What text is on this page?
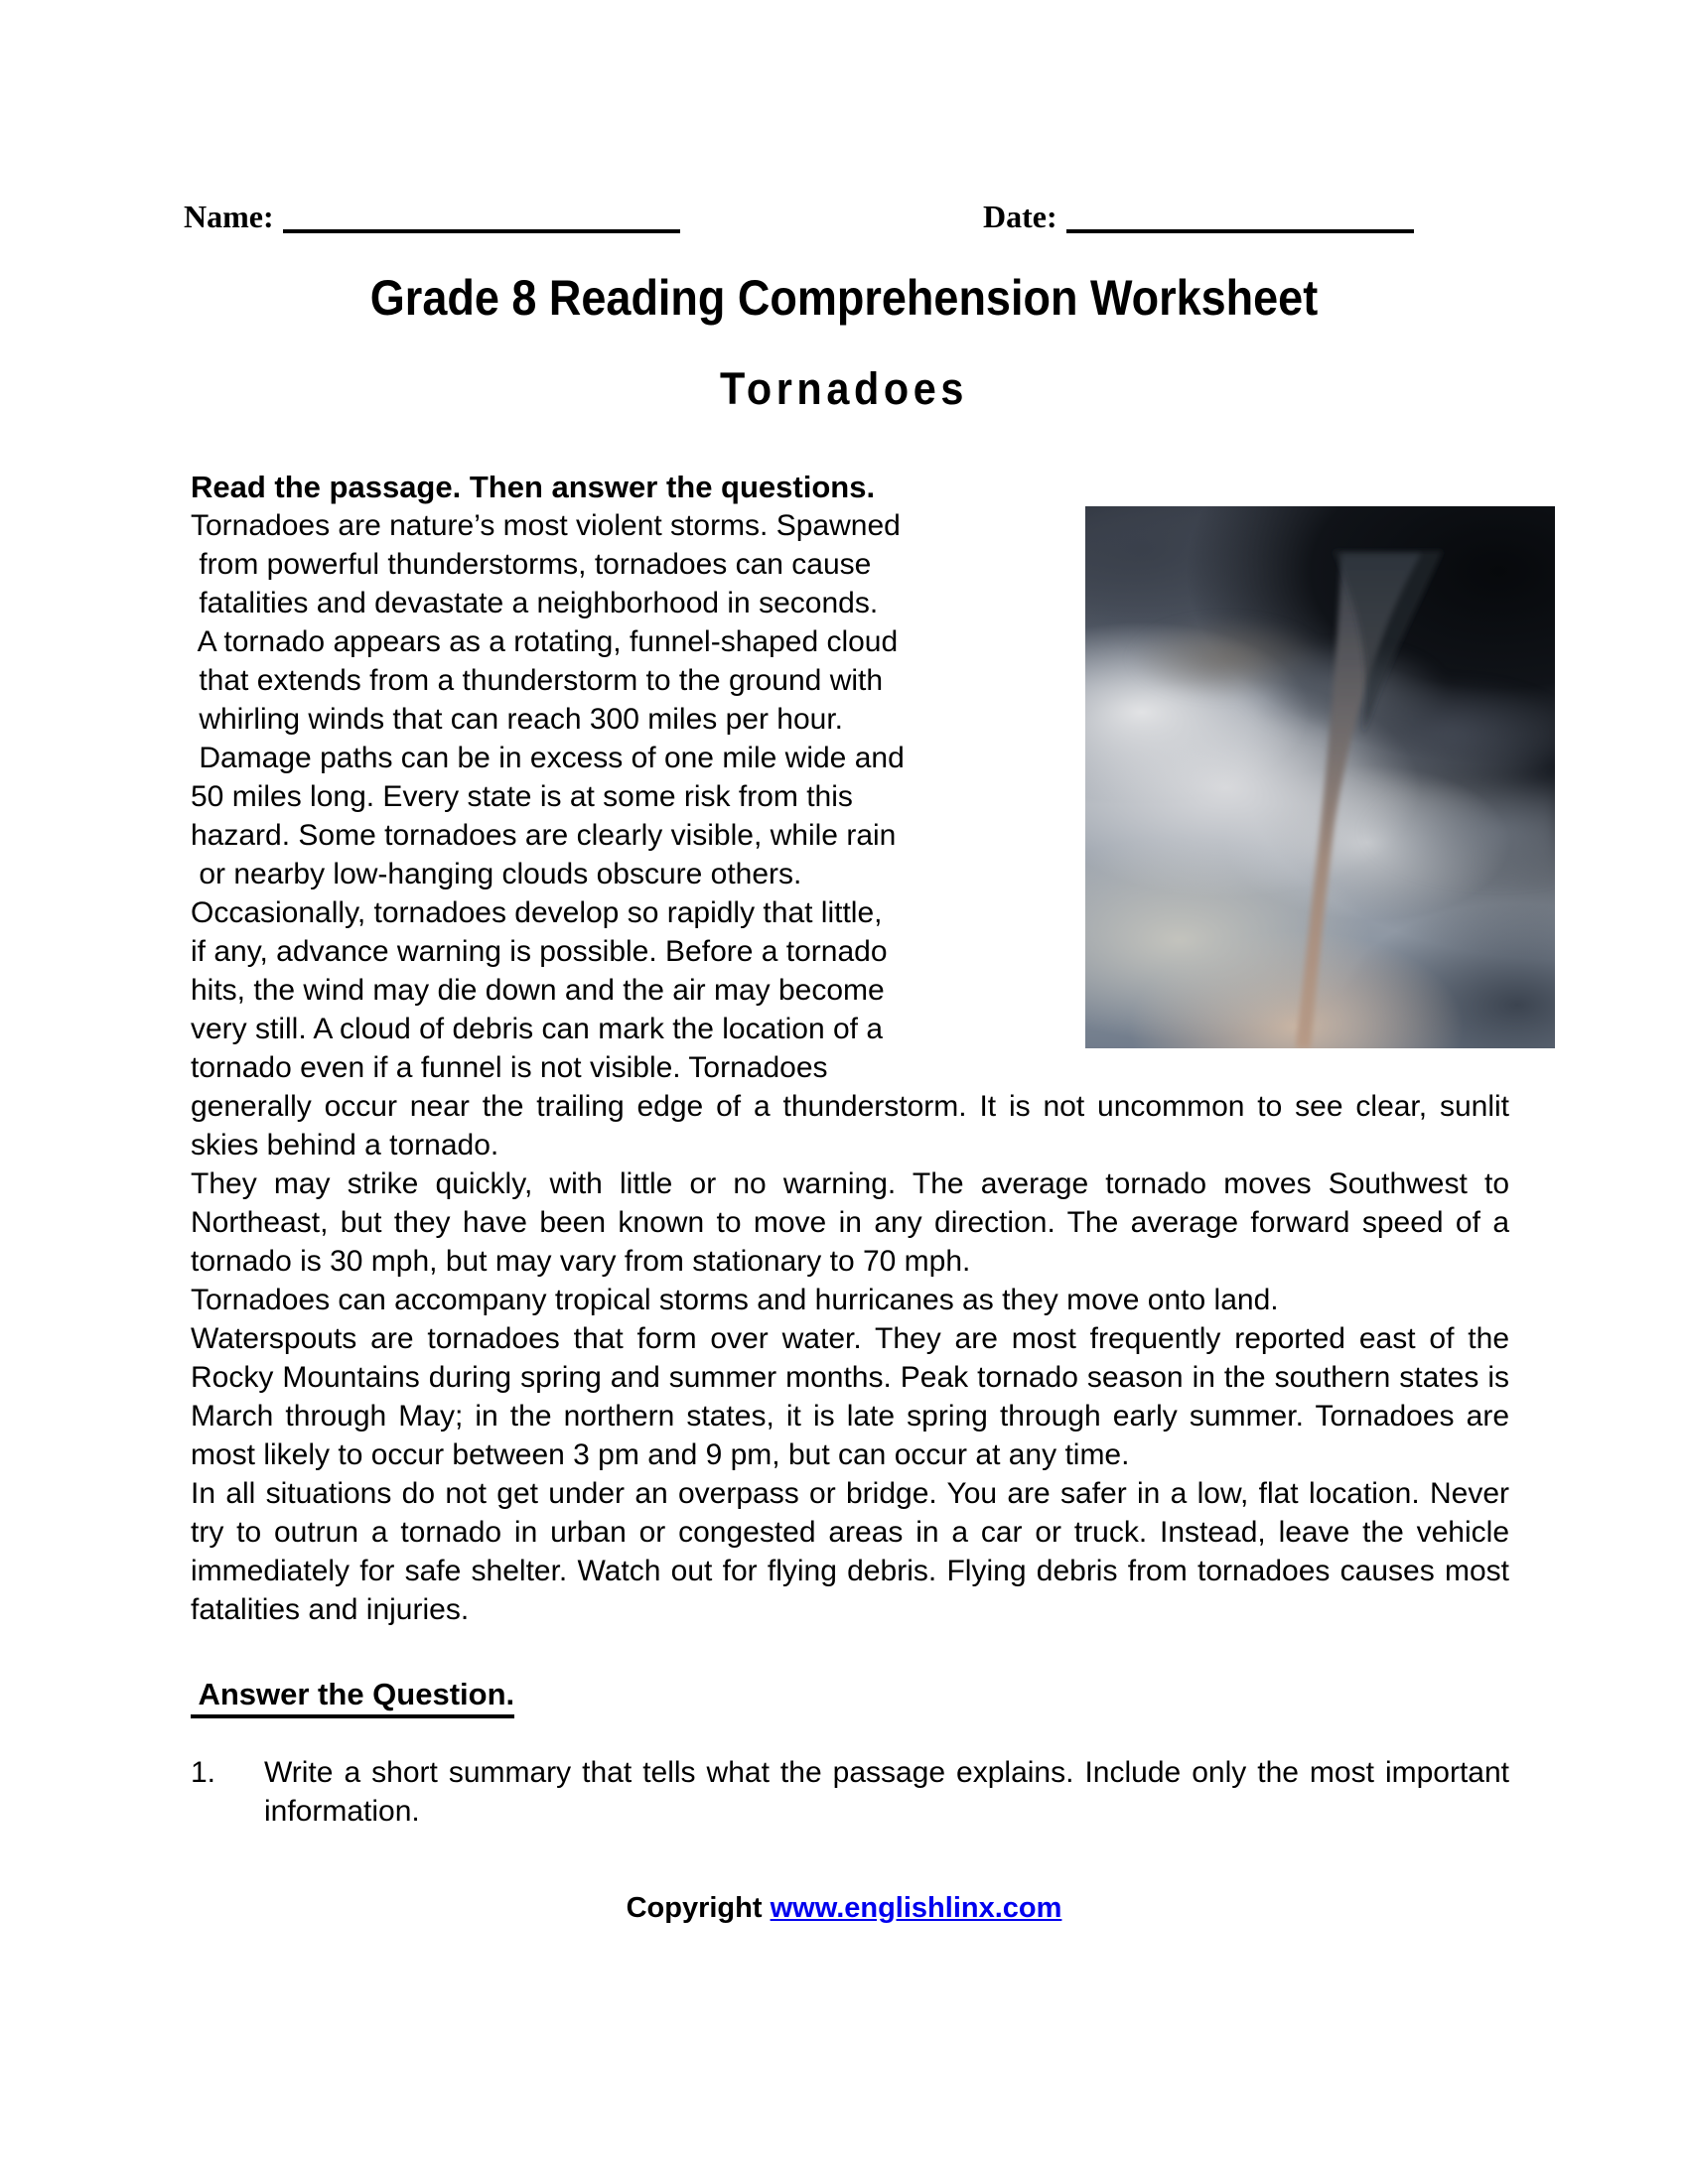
Name:	Date:
Grade 8 Reading Comprehension Worksheet
Tornadoes
Read the passage. Then answer the questions.
Tornadoes are nature’s most violent storms. Spawned
from powerful thunderstorms, tornadoes can cause
fatalities and devastate a neighborhood in seconds.
A tornado appears as a rotating, funnel-shaped cloud
that extends from a thunderstorm to the ground with
whirling winds that can reach 300 miles per hour.
Damage paths can be in excess of one mile wide and
50 miles long. Every state is at some risk from this
hazard. Some tornadoes are clearly visible, while rain
or nearby low-hanging clouds obscure others.
Occasionally, tornadoes develop so rapidly that little,
if any, advance warning is possible. Before a tornado
hits, the wind may die down and the air may become
very still. A cloud of debris can mark the location of a
tornado even if a funnel is not visible. Tornadoes

generally occur near the trailing edge of a thunderstorm. It is not uncommon to see clear, sunlit skies behind a tornado.

They may strike quickly, with little or no warning. The average tornado moves Southwest to Northeast, but they have been known to move in any direction. The average forward speed of a tornado is 30 mph, but may vary from stationary to 70 mph.

Tornadoes can accompany tropical storms and hurricanes as they move onto land.

Waterspouts are tornadoes that form over water. They are most frequently reported east of the Rocky Mountains during spring and summer months. Peak tornado season in the southern states is March through May; in the northern states, it is late spring through early summer. Tornadoes are most likely to occur between 3 pm and 9 pm, but can occur at any time.

In all situations do not get under an overpass or bridge. You are safer in a low, flat location. Never try to outrun a tornado in urban or congested areas in a car or truck. Instead, leave the vehicle immediately for safe shelter. Watch out for flying debris. Flying debris from tornadoes causes most fatalities and injuries.

Answer the Question.
1.	Write a short summary that tells what the passage explains. Include only the most important information.
Copyright www.englishlinx.com
